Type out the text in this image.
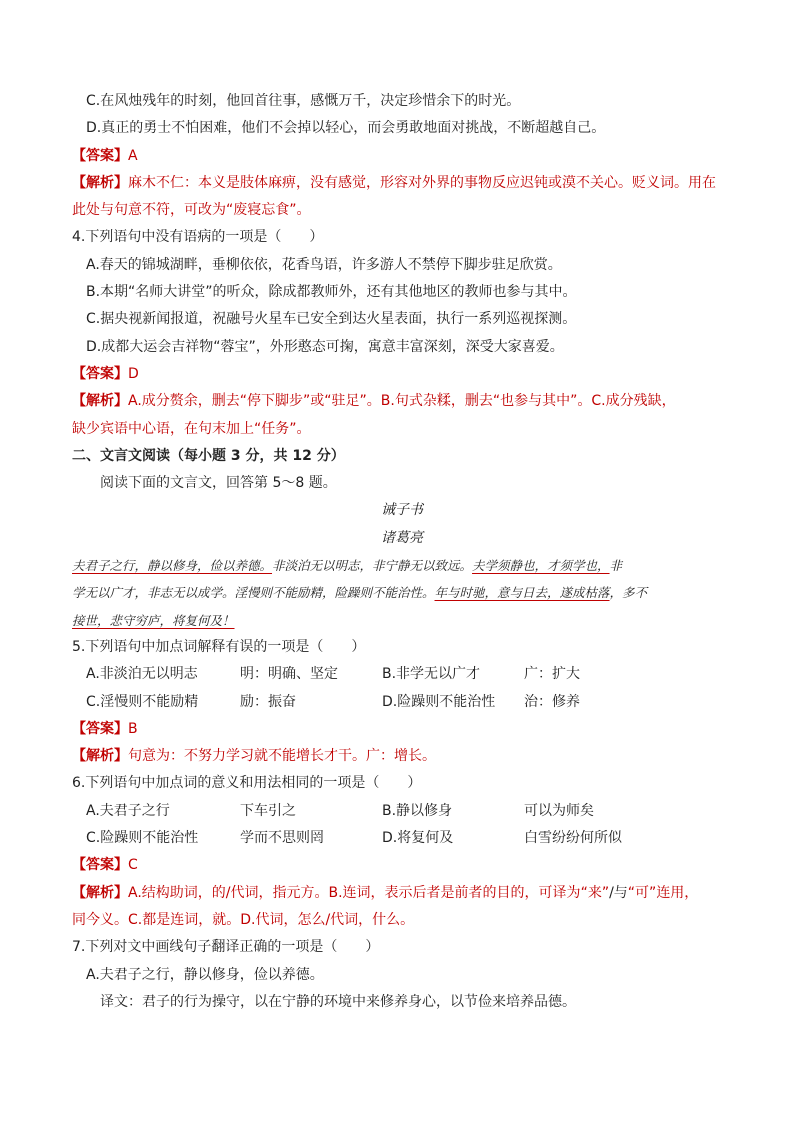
C.在风烛残年的时刻，他回首往事，感慨万千，决定珍惜余下的时光。
D.真正的勇士不怕困难，他们不会掉以轻心，而会勇敢地面对挑战，不断超越自己。
【答案】A
【解析】麻木不仁：本义是肢体麻痹，没有感觉，形容对外界的事物反应迟钝或漠不关心。贬义词。用在
此处与句意不符，可改为“废寝忘食”。
4.下列语句中没有语病的一项是（　　）
A.春天的锦城湖畔，垂柳依依，花香鸟语，许多游人不禁停下脚步驻足欣赏。
B.本期“名师大讲堂”的听众，除成都教师外，还有其他地区的教师也参与其中。
C.据央视新闻报道，祝融号火星车已安全到达火星表面，执行一系列巡视探测。
D.成都大运会吉祥物“蓉宝”，外形憨态可掬，寓意丰富深刻，深受大家喜爱。
【答案】D
【解析】A.成分赘余，删去“停下脚步”或“驻足”。B.句式杂糅，删去“也参与其中”。C.成分残缺，
缺少宾语中心语，在句末加上“任务”。
二、文言文阅读（每小题 3 分，共 12 分）
阅读下面的文言文，回答第 5～8 题。
诫子书
诸葛亮
夫君子之行，静以修身，俭以养德。非淡泊无以明志，非宁静无以致远。夫学须静也，才须学也，非
学无以广才，非志无以成学。淫慢则不能励精，险躁则不能治性。年与时驰，意与日去，遂成枯落，多不
接世，悲守穷庐，将复何及！
5.下列语句中加点词解释有误的一项是（　　）
A.非淡泊无以明志	明：明确、坚定	B.非学无以广才	广：扩大
C.淫慢则不能励精	励：振奋	D.险躁则不能治性 治：修养
【答案】B
【解析】句意为：不努力学习就不能增长才干。广：增长。
6.下列语句中加点词的意义和用法相同的一项是（　　）
A.夫君子之行	下车引之	B.静以修身	可以为师矣
C.险躁则不能治性	学而不思则罔	D.将复何及	白雪纷纷何所似
【答案】C
【解析】A.结构助词，的/代词，指元方。B.连词，表示后者是前者的目的，可译为“来”/与“可”连用，
同今义。C.都是连词，就。D.代词，怎么/代词，什么。
7.下列对文中画线句子翻译正确的一项是（　　）
A.夫君子之行，静以修身，俭以养德。
译文：君子的行为操守，以在宁静的环境中来修养身心，以节俭来培养品德。
